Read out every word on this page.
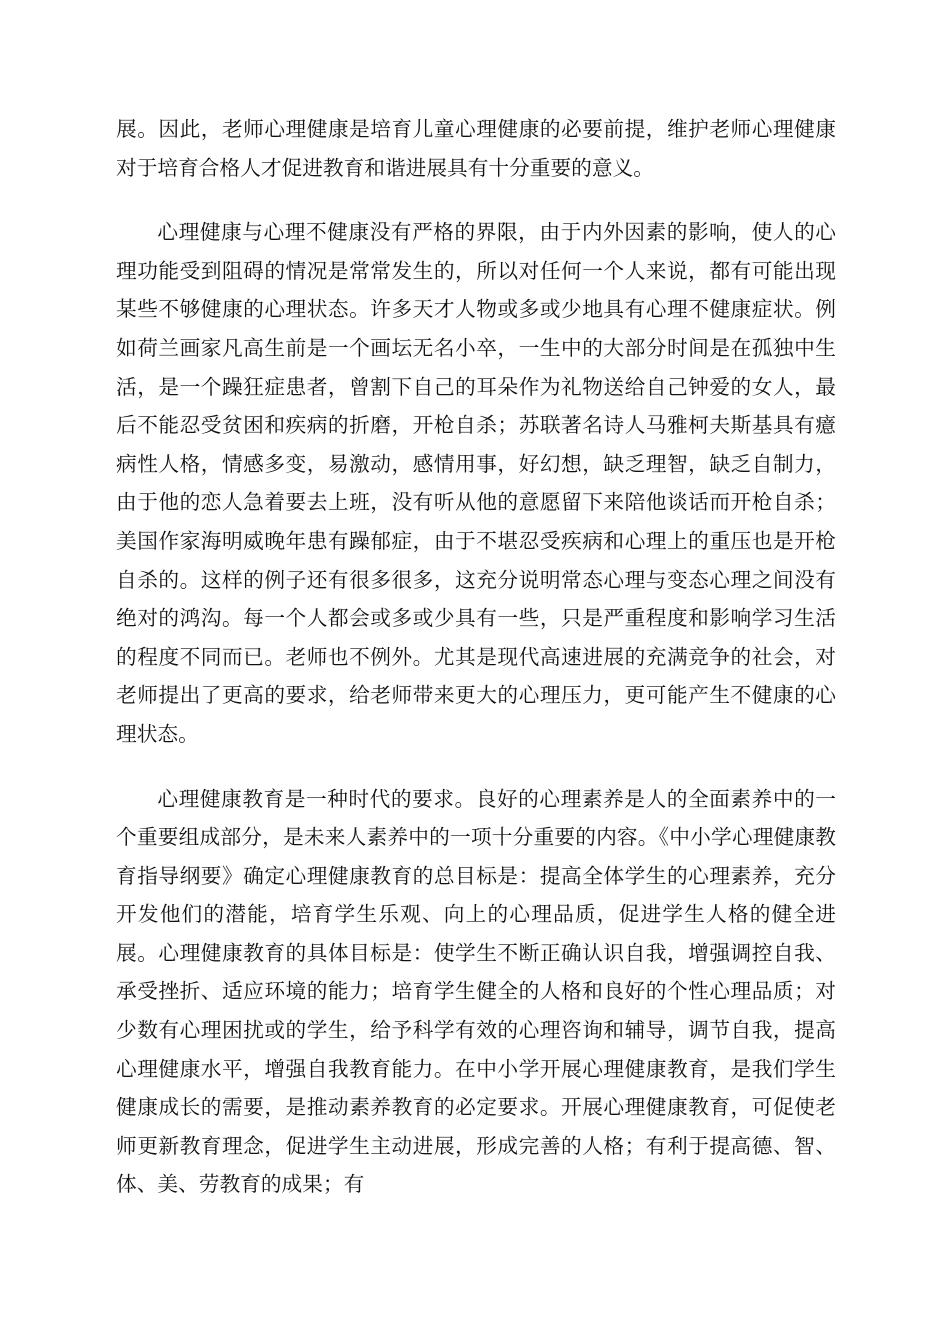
展。因此，老师心理健康是培育儿童心理健康的必要前提，维护老师心理健康对于培育合格人才促进教育和谐进展具有十分重要的意义。

心理健康与心理不健康没有严格的界限，由于内外因素的影响，使人的心理功能受到阻碍的情况是常常发生的，所以对任何一个人来说，都有可能出现某些不够健康的心理状态。许多天才人物或多或少地具有心理不健康症状。例如荷兰画家凡高生前是一个画坛无名小卒，一生中的大部分时间是在孤独中生活，是一个躁狂症患者，曾割下自己的耳朵作为礼物送给自己钟爱的女人，最后不能忍受贫困和疾病的折磨，开枪自杀；苏联著名诗人马雅柯夫斯基具有癔病性人格，情感多变，易激动，感情用事，好幻想，缺乏理智，缺乏自制力，由于他的恋人急着要去上班，没有听从他的意愿留下来陪他谈话而开枪自杀；美国作家海明威晚年患有躁郁症，由于不堪忍受疾病和心理上的重压也是开枪自杀的。这样的例子还有很多很多，这充分说明常态心理与变态心理之间没有绝对的鸿沟。每一个人都会或多或少具有一些，只是严重程度和影响学习生活的程度不同而已。老师也不例外。尤其是现代高速进展的充满竞争的社会，对老师提出了更高的要求，给老师带来更大的心理压力，更可能产生不健康的心理状态。

心理健康教育是一种时代的要求。良好的心理素养是人的全面素养中的一个重要组成部分，是未来人素养中的一项十分重要的内容。《中小学心理健康教育指导纲要》确定心理健康教育的总目标是：提高全体学生的心理素养，充分开发他们的潜能，培育学生乐观、向上的心理品质，促进学生人格的健全进展。心理健康教育的具体目标是：使学生不断正确认识自我，增强调控自我、承受挫折、适应环境的能力；培育学生健全的人格和良好的个性心理品质；对少数有心理困扰或的学生，给予科学有效的心理咨询和辅导，调节自我，提高心理健康水平，增强自我教育能力。在中小学开展心理健康教育，是我们学生健康成长的需要，是推动素养教育的必定要求。开展心理健康教育，可促使老师更新教育理念，促进学生主动进展，形成完善的人格；有利于提高德、智、体、美、劳教育的成果；有
